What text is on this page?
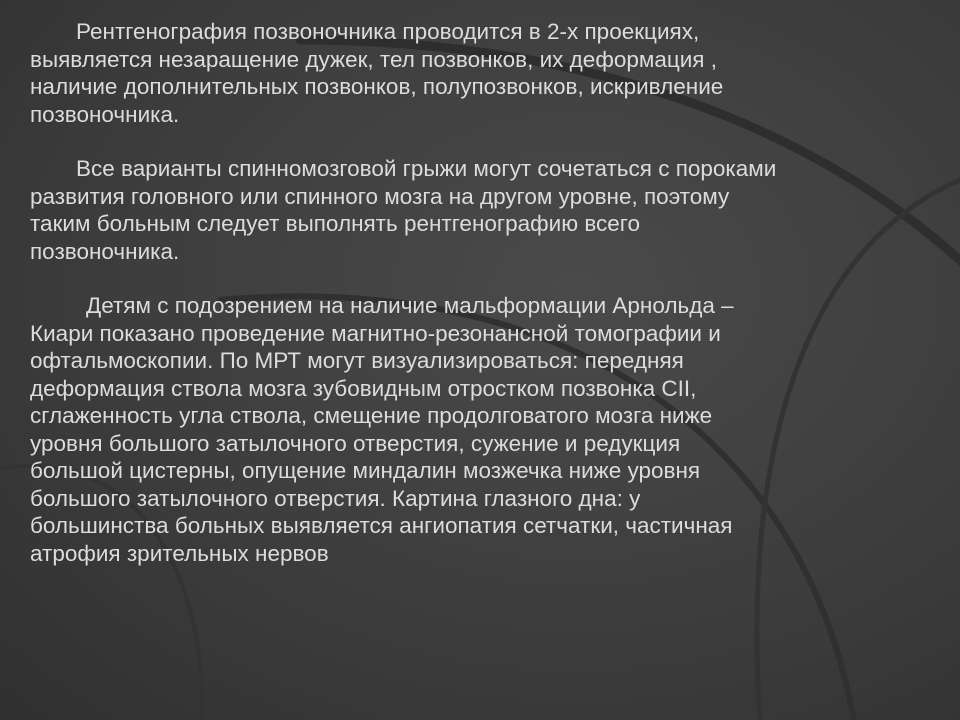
Рентгенография позвоночника проводится в 2-х проекциях,
выявляется незаращение дужек, тел позвонков, их деформация ,
наличие дополнительных позвонков, полупозвонков, искривление
позвоночника.

Все варианты спинномозговой грыжи могут сочетаться с пороками
развития головного или спинного мозга на другом уровне, поэтому
таким больным следует выполнять рентгенографию всего
позвоночника.

Детям с подозрением на наличие мальформации Арнольда –
Киари показано проведение магнитно-резонансной томографии и
офтальмоскопии. По МРТ могут визуализироваться: передняя
деформация ствола мозга зубовидным отростком позвонка CII,
сглаженность угла ствола, смещение продолговатого мозга ниже
уровня большого затылочного отверстия, сужение и редукция
большой цистерны, опущение миндалин мозжечка ниже уровня
большого затылочного отверстия. Картина глазного дна: у
большинства больных выявляется ангиопатия сетчатки, частичная
атрофия зрительных нервов
